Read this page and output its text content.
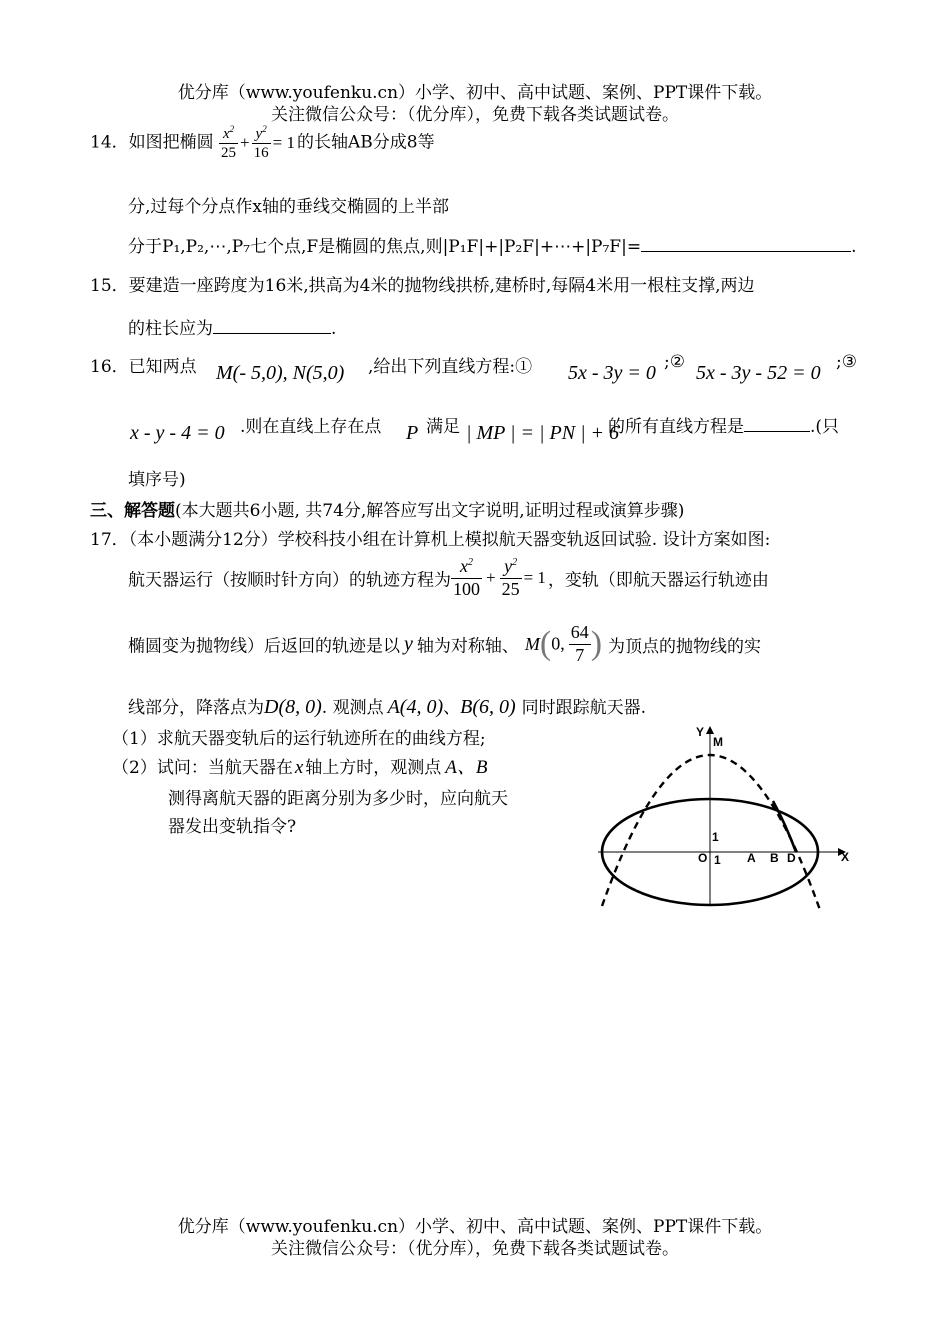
优分库（www.youfenku.cn）小学、初中、高中试题、案例、PPT课件下载。
关注微信公众号：（优分库），免费下载各类试题试卷。
14．如图把椭圆 $\frac{x^2}{25} + \frac{y^2}{16} = 1$ 的长轴AB分成8等
分,过每个分点作x轴的垂线交椭圆的上半部
分于P₁,P₂,⋯,P₇七个点,F是椭圆的焦点,则|P₁F|+|P₂F|+⋯+|P₇F|=	.
15．要建造一座跨度为16米,拱高为4米的抛物线拱桥,建桥时,每隔4米用一根柱支撑,两边
的柱长应为	.
16．已知两点 M(- 5,0), N(5,0) ,给出下列直线方程:① 5x - 3y = 0 ;② 5x - 3y - 52 = 0 ;③
x - y - 4 = 0 .则在直线上存在点 P 满足 | MP | = | PN | + 6
的所有直线方程是	.(只
填序号)
三、解答题(本大题共6小题, 共74分,解答应写出文字说明,证明过程或演算步骤)
17．（本小题满分12分）学校科技小组在计算机上模拟航天器变轨返回试验. 设计方案如图:
航天器运行（按顺时针方向）的轨迹方程为 $\frac{x^2}{100} + \frac{y^2}{25} = 1$ ，变轨（即航天器运行轨迹由
椭圆变为抛物线）后返回的轨迹是以 y 轴为对称轴、 M(0, $\frac{64}{7}$ ) 为顶点的抛物线的实
线部分，降落点为D(8, 0). 观测点 A(4, 0)、B(6, 0) 同时跟踪航天器.
（1）求航天器变轨后的运行轨迹所在的曲线方程;
（2）试问：当航天器在 x 轴上方时，观测点 A、B
测得离航天器的距离分别为多少时，应向航天
器发出变轨指令?
Y
M
X
O 1
1
A B D
优分库（www.youfenku.cn）小学、初中、高中试题、案例、PPT课件下载。
关注微信公众号：（优分库），免费下载各类试题试卷。
